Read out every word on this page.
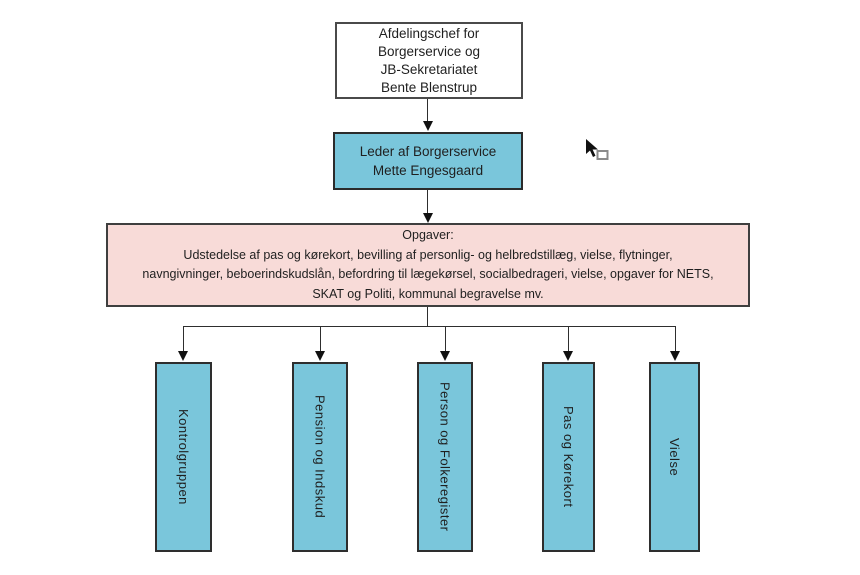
Afdelingschef for
Borgerservice og
JB-Sekretariatet
Bente Blenstrup
Leder af Borgerservice
Mette Engesgaard
Opgaver:
Udstedelse af pas og kørekort, bevilling af personlig- og helbredstillæg, vielse, flytninger,
navngivninger, beboerindskudslån, befordring til lægekørsel, socialbedrageri, vielse, opgaver for NETS,
SKAT og Politi, kommunal begravelse mv.
Kontrolgruppen	Pension og Indskud	Person og Folkeregister	Pas og Kørekort	Vielse
